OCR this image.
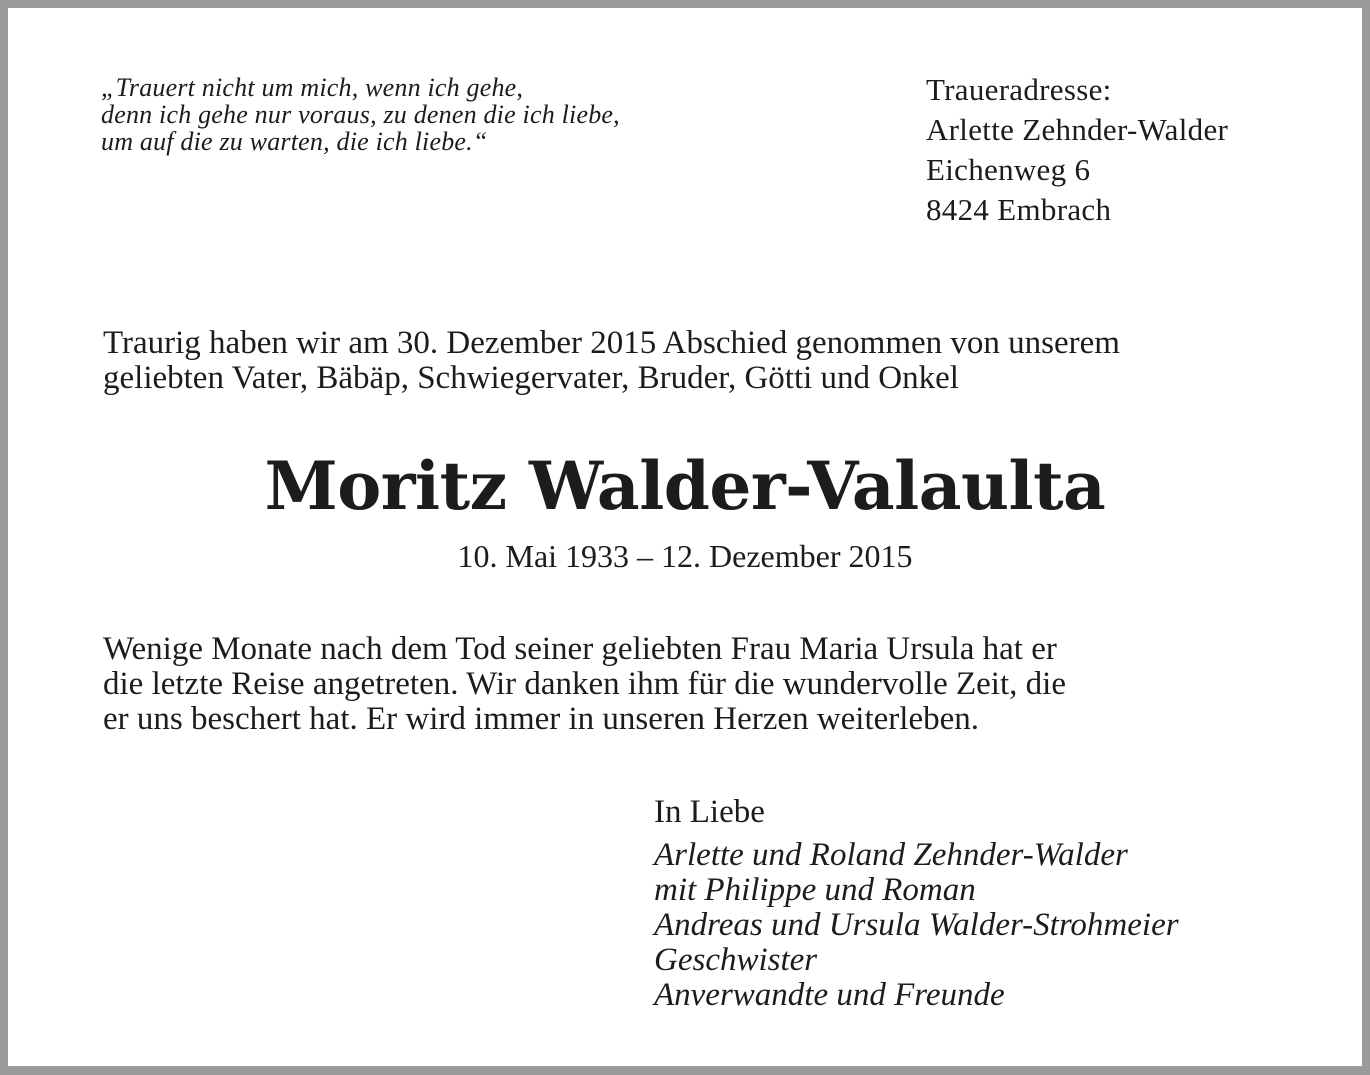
„Trauert nicht um mich, wenn ich gehe,
denn ich gehe nur voraus, zu denen die ich liebe,
um auf die zu warten, die ich liebe.“
Traueradresse:
Arlette Zehnder-Walder
Eichenweg 6
8424 Embrach
Traurig haben wir am 30. Dezember 2015 Abschied genommen von unserem
geliebten Vater, Bäbäp, Schwiegervater, Bruder, Götti und Onkel
Moritz Walder-Valaulta
10. Mai 1933 – 12. Dezember 2015
Wenige Monate nach dem Tod seiner geliebten Frau Maria Ursula hat er
die letzte Reise angetreten. Wir danken ihm für die wundervolle Zeit, die
er uns beschert hat. Er wird immer in unseren Herzen weiterleben.
In Liebe
Arlette und Roland Zehnder-Walder
mit Philippe und Roman
Andreas und Ursula Walder-Strohmeier
Geschwister
Anverwandte und Freunde
